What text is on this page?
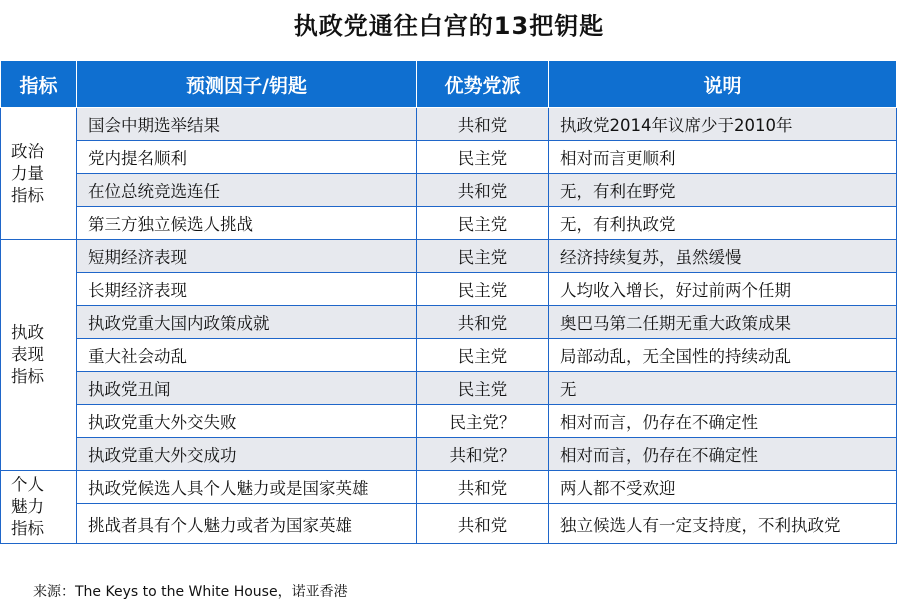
执政党通往白宫的13把钥匙
指标	预测因子/钥匙	优势党派	说明

政治
力量
指标	国会中期选举结果	共和党	执政党2014年议席少于2010年
	党内提名顺利	民主党	相对而言更顺利
	在位总统竞选连任	共和党	无，有利在野党
	第三方独立候选人挑战	民主党	无，有利执政党

执政
表现
指标	短期经济表现	民主党	经济持续复苏，虽然缓慢
	长期经济表现	民主党	人均收入增长，好过前两个任期
	执政党重大国内政策成就	共和党	奥巴马第二任期无重大政策成果
	重大社会动乱	民主党	局部动乱，无全国性的持续动乱
	执政党丑闻	民主党	无
	执政党重大外交失败	民主党？	相对而言，仍存在不确定性
	执政党重大外交成功	共和党？	相对而言，仍存在不确定性

个人
魅力
指标	执政党候选人具个人魅力或是国家英雄	共和党	两人都不受欢迎
	挑战者具有个人魅力或者为国家英雄	共和党	独立候选人有一定支持度，不利执政党
来源：The Keys to the White House，诺亚香港
